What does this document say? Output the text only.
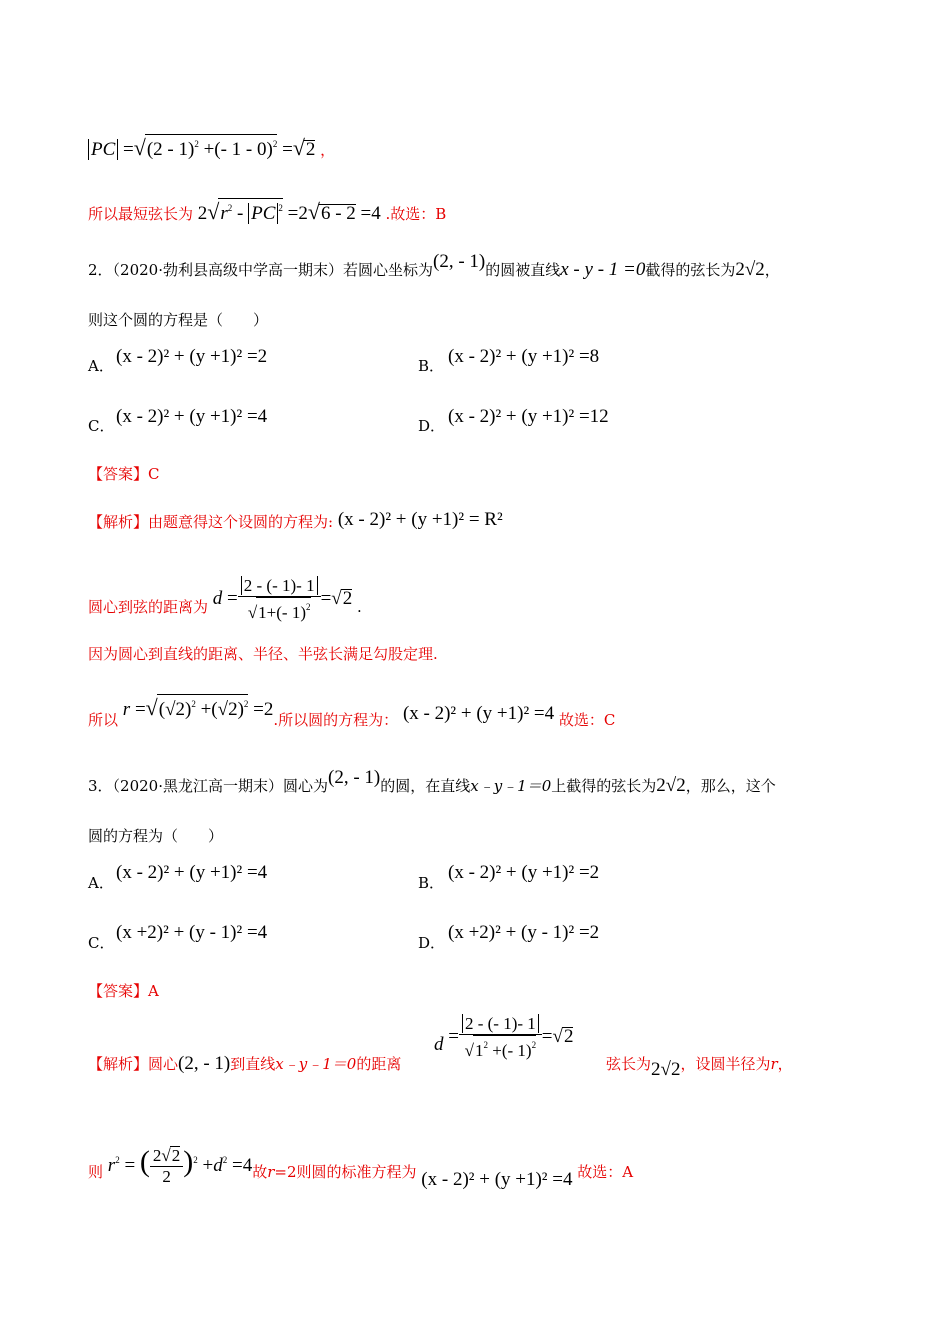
PC =√(2 - 1)$^2$ +(- 1 - 0)$^2$ =√2 ，
所以最短弦长为 $2√r^2$ - PC $^2$ =2√6 - 2 =4 .故选：B
2．（2020·勃利县高级中学高一期末）若圆心坐标为(2, - 1)的圆被直线x - y - 1 =0截得的弦长为2√2，
则这个圆的方程是（　　）
A． (x - 2)² + (y +1)² =2	B． (x - 2)² + (y +1)² =8
C． (x - 2)² + (y +1)² =4	D． (x - 2)² + (y +1)² =12
【答案】C
【解析】由题意得这个设圆的方程为: (x - 2)² + (y +1)² = R²
圆心到弦的距离为 $d = \frac{2 - (- 1)- 1}{√1+(- 1)^2} =√2$ .
因为圆心到直线的距离、半径、半弦长满足勾股定理.
所以 $r =√(√2)^2 +(√2)^2 =2$.所以圆的方程为： (x - 2)² + (y +1)² =4 故选：C
3．（2020·黑龙江高一期末）圆心为(2, - 1)的圆，在直线x﹣y﹣1＝0上截得的弦长为2√2，那么，这个
圆的方程为（　　）
A． (x - 2)² + (y +1)² =4	B． (x - 2)² + (y +1)² =2
C． (x +2)² + (y - 1)² =4	D． (x +2)² + (y - 1)² =2
【答案】A
【解析】圆心(2, - 1)到直线x﹣y﹣1＝0的距离
$d = \frac{2 - (- 1)- 1}{√1^2 +(- 1)^2} =√2$
弦长为2√2，设圆半径为r，
则 $r^2$ = ( $\frac{2√2}{2} )^2 +d^2 =4$故r=2则圆的标准方程为 (x - 2)² + (y +1)² =4 故选：A
